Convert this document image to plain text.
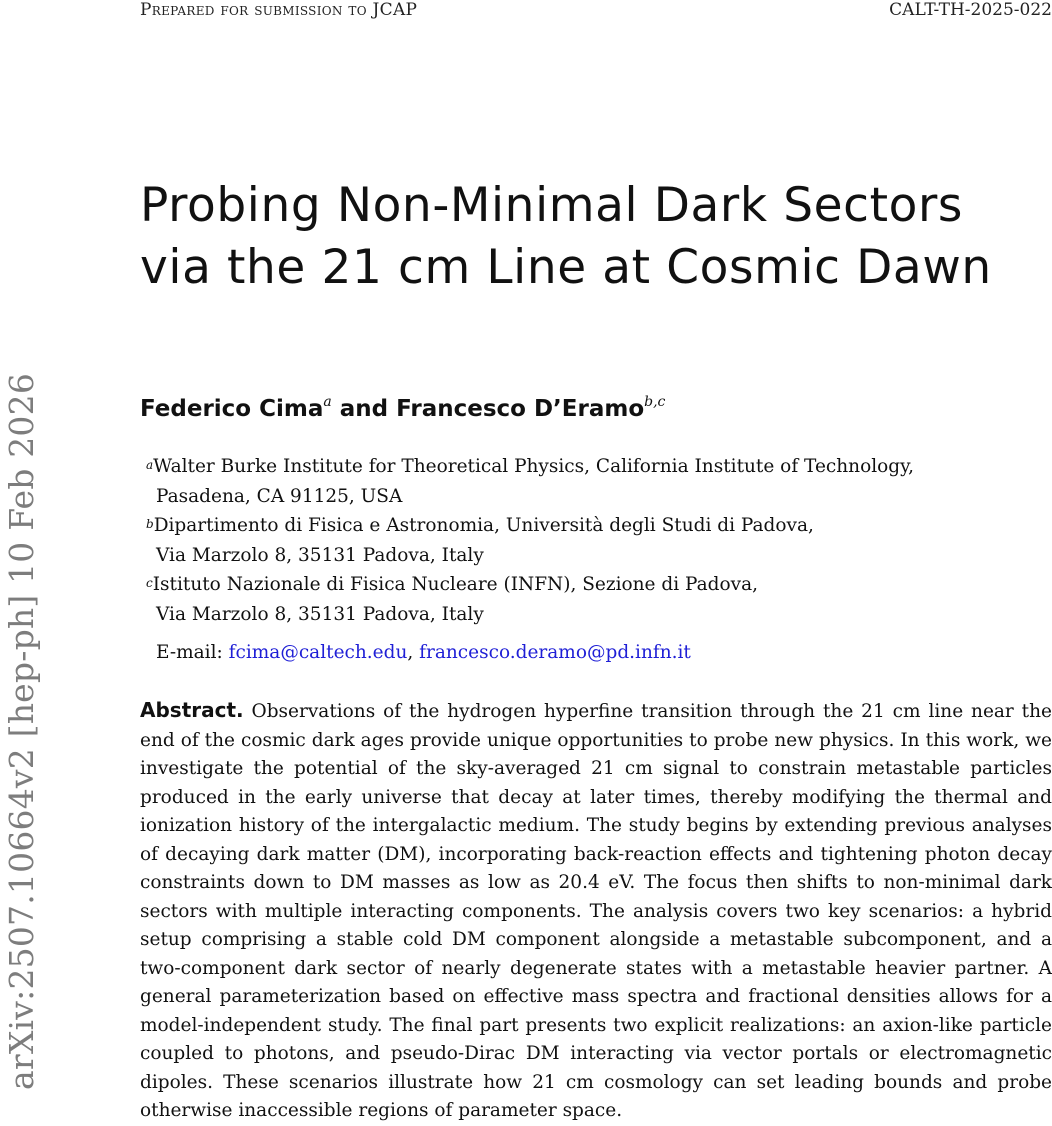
Prepared for submission to JCAP	CALT-TH-2025-022
arXiv:2507.10664v2 [hep-ph] 10 Feb 2026
Probing Non-Minimal Dark Sectors
via the 21 cm Line at Cosmic Dawn
Federico Cima$^a$ and Francesco D’Eramo$^{b,c}$
$^a$Walter Burke Institute for Theoretical Physics, California Institute of Technology,
Pasadena, CA 91125, USA
$^b$Dipartimento di Fisica e Astronomia, Università degli Studi di Padova,
Via Marzolo 8, 35131 Padova, Italy
$^c$Istituto Nazionale di Fisica Nucleare (INFN), Sezione di Padova,
Via Marzolo 8, 35131 Padova, Italy
E-mail: fcima@caltech.edu, francesco.deramo@pd.infn.it
Abstract. Observations of the hydrogen hyperfine transition through the 21 cm line near the end of the cosmic dark ages provide unique opportunities to probe new physics. In this work, we investigate the potential of the sky-averaged 21 cm signal to constrain metastable particles produced in the early universe that decay at later times, thereby modifying the thermal and ionization history of the intergalactic medium. The study begins by extending previous analyses of decaying dark matter (DM), incorporating back-reaction effects and tightening photon decay constraints down to DM masses as low as 20.4 eV. The focus then shifts to non-minimal dark sectors with multiple interacting components. The analysis covers two key scenarios: a hybrid setup comprising a stable cold DM component alongside a metastable subcomponent, and a two-component dark sector of nearly degenerate states with a metastable heavier partner. A general parameterization based on effective mass spectra and fractional densities allows for a model-independent study. The final part presents two explicit realizations: an axion-like particle coupled to photons, and pseudo-Dirac DM interacting via vector portals or electromagnetic dipoles. These scenarios illustrate how 21 cm cosmology can set leading bounds and probe otherwise inaccessible regions of parameter space.
